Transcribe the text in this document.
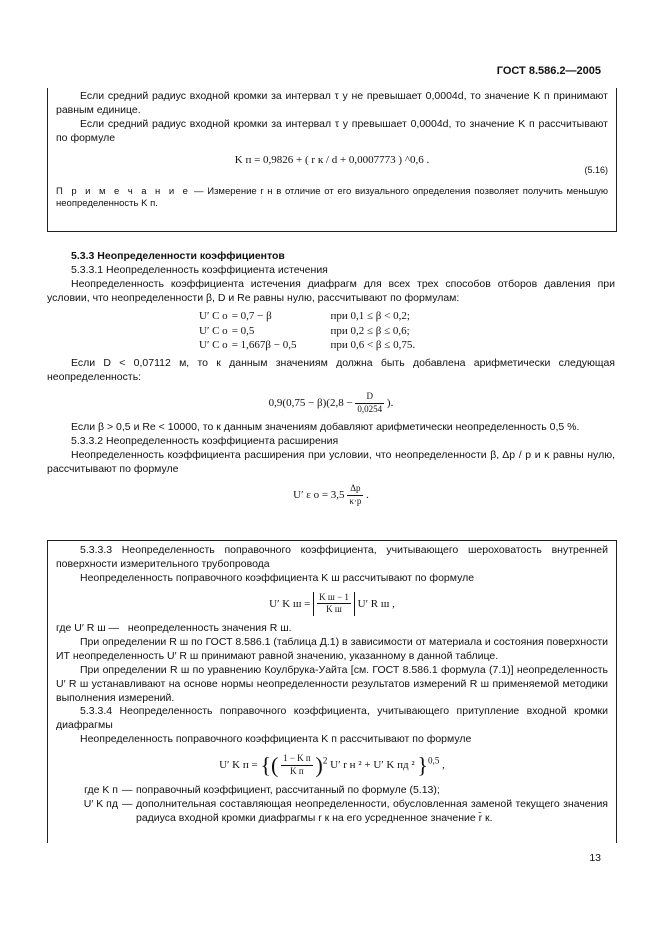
ГОСТ 8.586.2—2005

Если средний радиус входной кромки за интервал τ у не превышает 0,0004d, то значение K п принимают равным единице.

Если средний радиус входной кромки за интервал τ у превышает 0,0004d, то значение K п рассчитывают по формуле

K п = 0,9826 + ( r к / d + 0,0007773 ) ^0,6 .
(5.16)

П р и м е ч а н и е — Измерение r н в отличие от его визуального определения позволяет получить меньшую неопределенность K п.

5.3.3 Неопределенности коэффициентов

5.3.3.1 Неопределенность коэффициента истечения

Неопределенность коэффициента истечения диафрагм для всех трех способов отборов давления при условии, что неопределенности β, D и Re равны нулю, рассчитывают по формулам:

U′ C о	= 0,7 − β	при 0,1 ≤ β < 0,2;
U′ C о	= 0,5	при 0,2 ≤ β ≤ 0,6;
U′ C о	= 1,667β − 0,5	при 0,6 < β ≤ 0,75.

Если D < 0,07112 м, то к данным значениям должна быть добавлена арифметически следующая неопределенность:

$0,9(0,75 - \beta)(2,8 - \frac{D}{0,0254}$ ).

Если β > 0,5 и Re < 10000, то к данным значениям добавляют арифметически неопределенность 0,5 %.

5.3.3.2 Неопределенность коэффициента расширения

Неопределенность коэффициента расширения при условии, что неопределенности β, Δp / p и κ равны нулю, рассчитывают по формуле

U′ ε $о = 3,5 \frac{\Delta p}{\kappa\cdot p}$ .

5.3.3.3 Неопределенность поправочного коэффициента, учитывающего шероховатость внутренней поверхности измерительного трубопровода

Неопределенность поправочного коэффициента K ш рассчитывают по формуле

U′ K $ш = \frac{\text{K ш − 1}}{\text{K ш}} U'$ R ш ,

где U′ R ш — неопределенность значения R ш.

При определении R ш по ГОСТ 8.586.1 (таблица Д.1) в зависимости от материала и состояния поверхности ИТ неопределенность U′ R ш принимают равной значению, указанному в данной таблице.

При определении R ш по уравнению Коулбрука-Уайта [см. ГОСТ 8.586.1 формула (7.1)] неопределенность U′ R ш устанавливают на основе нормы неопределенности результатов измерений R ш применяемой методики выполнения измерений.

5.3.3.4 Неопределенность поправочного коэффициента, учитывающего притупление входной кромки диафрагмы

Неопределенность поправочного коэффициента K п рассчитывают по формуле

U′ K п = {( $\frac{\text{1 − K п}}{\text{K п}} )^2$ U′ r н ² + U′ K пд ² }$^{0,5}$ ,
где K п — поправочный коэффициент, рассчитанный по формуле (5.13);
U′ K пд — дополнительная составляющая неопределенности, обусловленная заменой текущего значения радиуса входной кромки диафрагмы r к на его усредненное значение r̄ к.
13
